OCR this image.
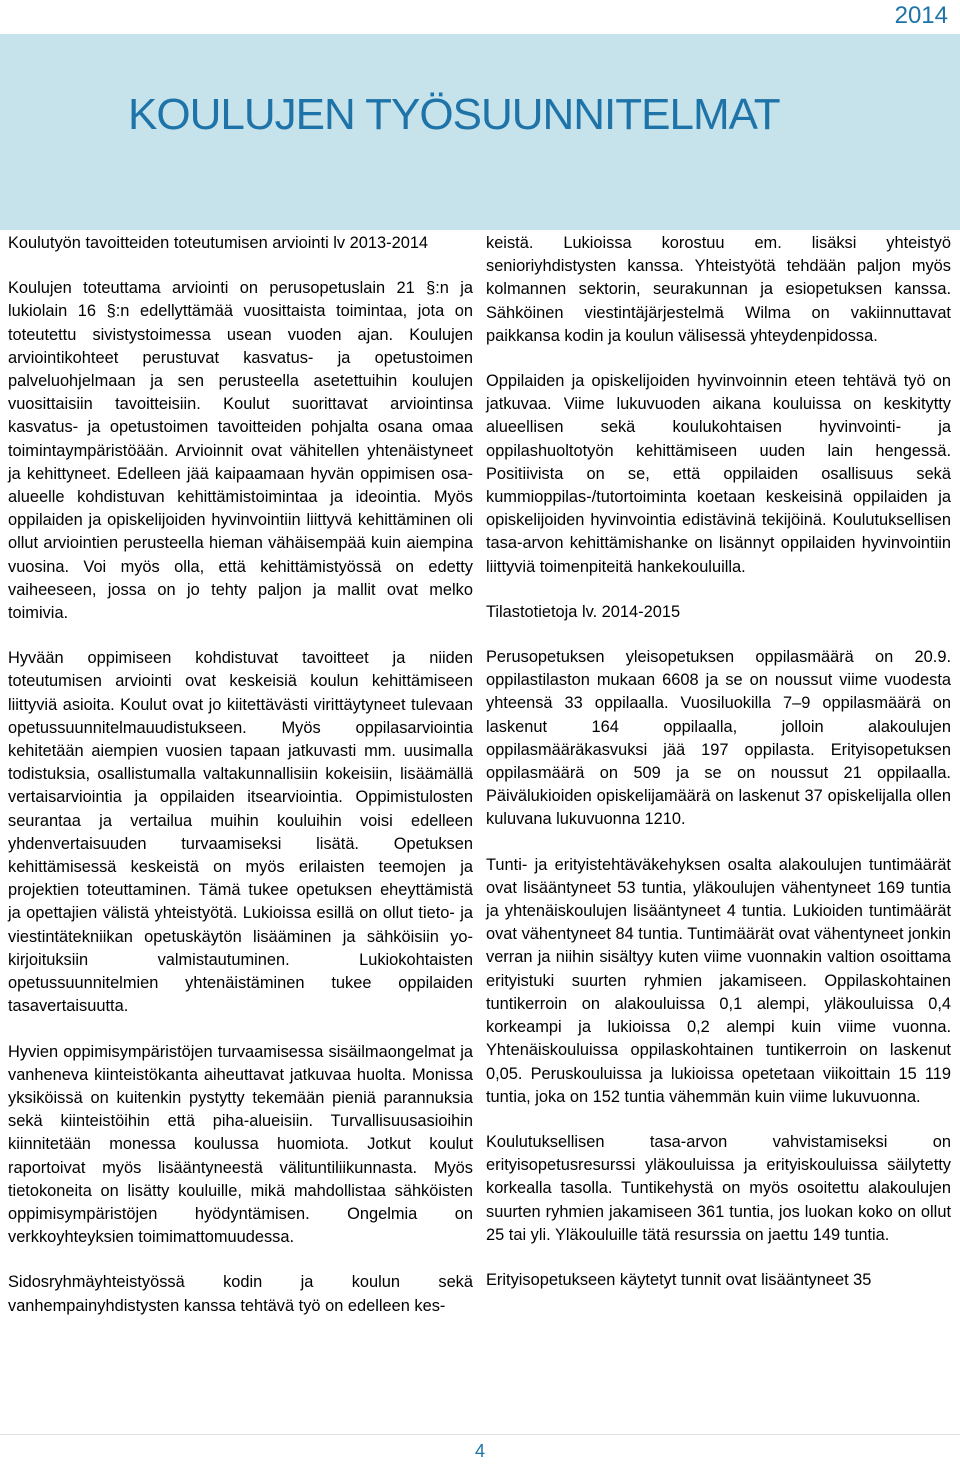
2014
KOULUJEN TYÖSUUNNITELMAT

Koulutyön tavoitteiden toteutumisen arviointi lv 2013-2014

Koulujen toteuttama arviointi on perusopetuslain 21 §:n ja lukiolain 16 §:n edellyttämää vuosittaista toimintaa, jota on toteutettu sivistystoimessa usean vuoden ajan. Koulujen arviointikohteet perustuvat kasvatus- ja opetustoimen palveluohjelmaan ja sen perusteella asetettuihin koulujen vuosittaisiin tavoitteisiin. Koulut suorittavat arviointinsa kasvatus- ja opetustoimen tavoitteiden pohjalta osana omaa toimintaympäristöään. Arvioinnit ovat vähitellen yhtenäistyneet ja kehittyneet. Edelleen jää kaipaamaan hyvän oppimisen osa-alueelle kohdistuvan kehittämistoimintaa ja ideointia. Myös oppilaiden ja opiskelijoiden hyvinvointiin liittyvä kehittäminen oli ollut arviointien perusteella hieman vähäisempää kuin aiempina vuosina. Voi myös olla, että kehittämistyössä on edetty vaiheeseen, jossa on jo tehty paljon ja mallit ovat melko toimivia.

Hyvään oppimiseen kohdistuvat tavoitteet ja niiden toteutumisen arviointi ovat keskeisiä koulun kehittämiseen liittyviä asioita. Koulut ovat jo kiitettävästi virittäytyneet tulevaan opetussuunnitelmauudistukseen. Myös oppilasarviointia kehitetään aiempien vuosien tapaan jatkuvasti mm. uusimalla todistuksia, osallistumalla valtakunnallisiin kokeisiin, lisäämällä vertaisarviointia ja oppilaiden itsearviointia. Oppimistulosten seurantaa ja vertailua muihin kouluihin voisi edelleen yhdenvertaisuuden turvaamiseksi lisätä. Opetuksen kehittämisessä keskeistä on myös erilaisten teemojen ja projektien toteuttaminen. Tämä tukee opetuksen eheyttämistä ja opettajien välistä yhteistyötä. Lukioissa esillä on ollut tieto- ja viestintätekniikan opetuskäytön lisääminen ja sähköisiin yo-kirjoituksiin valmistautuminen. Lukiokohtaisten opetussuunnitelmien yhtenäistäminen tukee oppilaiden tasavertaisuutta.

Hyvien oppimisympäristöjen turvaamisessa sisäilmaongelmat ja vanheneva kiinteistökanta aiheuttavat jatkuvaa huolta. Monissa yksiköissä on kuitenkin pystytty tekemään pieniä parannuksia sekä kiinteistöihin että piha-alueisiin. Turvallisuusasioihin kiinnitetään monessa koulussa huomiota. Jotkut koulut raportoivat myös lisääntyneestä välituntiliikunnasta. Myös tietokoneita on lisätty kouluille, mikä mahdollistaa sähköisten oppimisympäristöjen hyödyntämisen. Ongelmia on verkkoyhteyksien toimimattomuudessa.

Sidosryhmäyhteistyössä kodin ja koulun sekä vanhempainyhdistysten kanssa tehtävä työ on edelleen kes-

keistä. Lukioissa korostuu em. lisäksi yhteistyö senioriyhdistysten kanssa. Yhteistyötä tehdään paljon myös kolmannen sektorin, seurakunnan ja esiopetuksen kanssa. Sähköinen viestintäjärjestelmä Wilma on vakiinnuttavat paikkansa kodin ja koulun välisessä yhteydenpidossa.

Oppilaiden ja opiskelijoiden hyvinvoinnin eteen tehtävä työ on jatkuvaa. Viime lukuvuoden aikana kouluissa on keskitytty alueellisen sekä koulukohtaisen hyvinvointi- ja oppilashuoltotyön kehittämiseen uuden lain hengessä. Positiivista on se, että oppilaiden osallisuus sekä kummioppilas-/tutortoiminta koetaan keskeisinä oppilaiden ja opiskelijoiden hyvinvointia edistävinä tekijöinä. Koulutuksellisen tasa-arvon kehittämishanke on lisännyt oppilaiden hyvinvointiin liittyviä toimenpiteitä hankekouluilla.

Tilastotietoja lv. 2014-2015

Perusopetuksen yleisopetuksen oppilasmäärä on 20.9. oppilastilaston mukaan 6608 ja se on noussut viime vuodesta yhteensä 33 oppilaalla. Vuosiluokilla 7–9 oppilasmäärä on laskenut 164 oppilaalla, jolloin alakoulujen oppilasmääräkasvuksi jää 197 oppilasta. Erityisopetuksen oppilasmäärä on 509 ja se on noussut 21 oppilaalla. Päivälukioiden opiskelijamäärä on laskenut 37 opiskelijalla ollen kuluvana lukuvuonna 1210.

Tunti- ja erityistehtäväkehyksen osalta alakoulujen tuntimäärät ovat lisääntyneet 53 tuntia, yläkoulujen vähentyneet 169 tuntia ja yhtenäiskoulujen lisääntyneet 4 tuntia. Lukioiden tuntimäärät ovat vähentyneet 84 tuntia. Tuntimäärät ovat vähentyneet jonkin verran ja niihin sisältyy kuten viime vuonnakin valtion osoittama erityistuki suurten ryhmien jakamiseen. Oppilaskohtainen tuntikerroin on alakouluissa 0,1 alempi, yläkouluissa 0,4 korkeampi ja lukioissa 0,2 alempi kuin viime vuonna. Yhtenäiskouluissa oppilaskohtainen tuntikerroin on laskenut 0,05. Peruskouluissa ja lukioissa opetetaan viikoittain 15 119 tuntia, joka on 152 tuntia vähemmän kuin viime lukuvuonna.

Koulutuksellisen tasa-arvon vahvistamiseksi on erityisopetusresurssi yläkouluissa ja erityiskouluissa säilytetty korkealla tasolla. Tuntikehystä on myös osoitettu alakoulujen suurten ryhmien jakamiseen 361 tuntia, jos luokan koko on ollut 25 tai yli. Yläkouluille tätä resurssia on jaettu 149 tuntia.

Erityisopetukseen käytetyt tunnit ovat lisääntyneet 35

4
